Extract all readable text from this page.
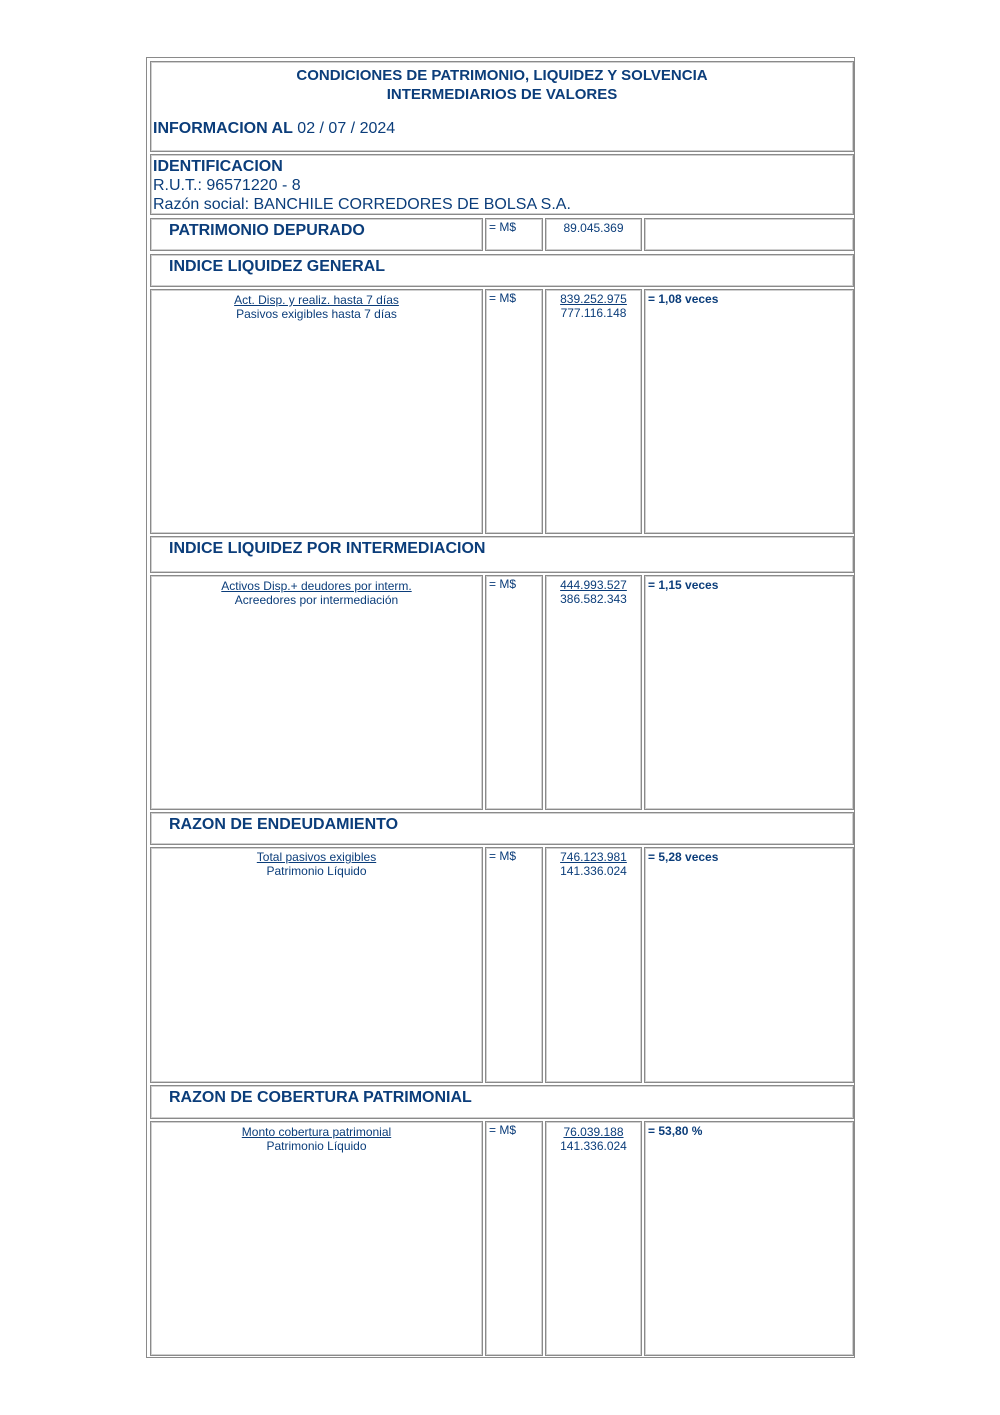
CONDICIONES DE PATRIMONIO, LIQUIDEZ Y SOLVENCIA
INTERMEDIARIOS DE VALORES
INFORMACION AL 02 / 07 / 2024
IDENTIFICACION
R.U.T.: 96571220 - 8
Razón social: BANCHILE CORREDORES DE BOLSA S.A.
PATRIMONIO DEPURADO	= M$	89.045.369
INDICE LIQUIDEZ GENERAL
Act. Disp. y realiz. hasta 7 días
Pasivos exigibles hasta 7 días
= M$ $\frac{839.252.975}{777.116.148} = 1,08$ veces
INDICE LIQUIDEZ POR INTERMEDIACION
Activos Disp.+ deudores por interm.
Acreedores por intermediación
= M$ $\frac{444.993.527}{386.582.343} = 1,15$ veces
RAZON DE ENDEUDAMIENTO
Total pasivos exigibles
Patrimonio Líquido
= M$ $\frac{746.123.981}{141.336.024} = 5,28$ veces
RAZON DE COBERTURA PATRIMONIAL
Monto cobertura patrimonial
Patrimonio Líquido
= M$ $\frac{76.039.188}{141.336.024} = 53,80$ %
